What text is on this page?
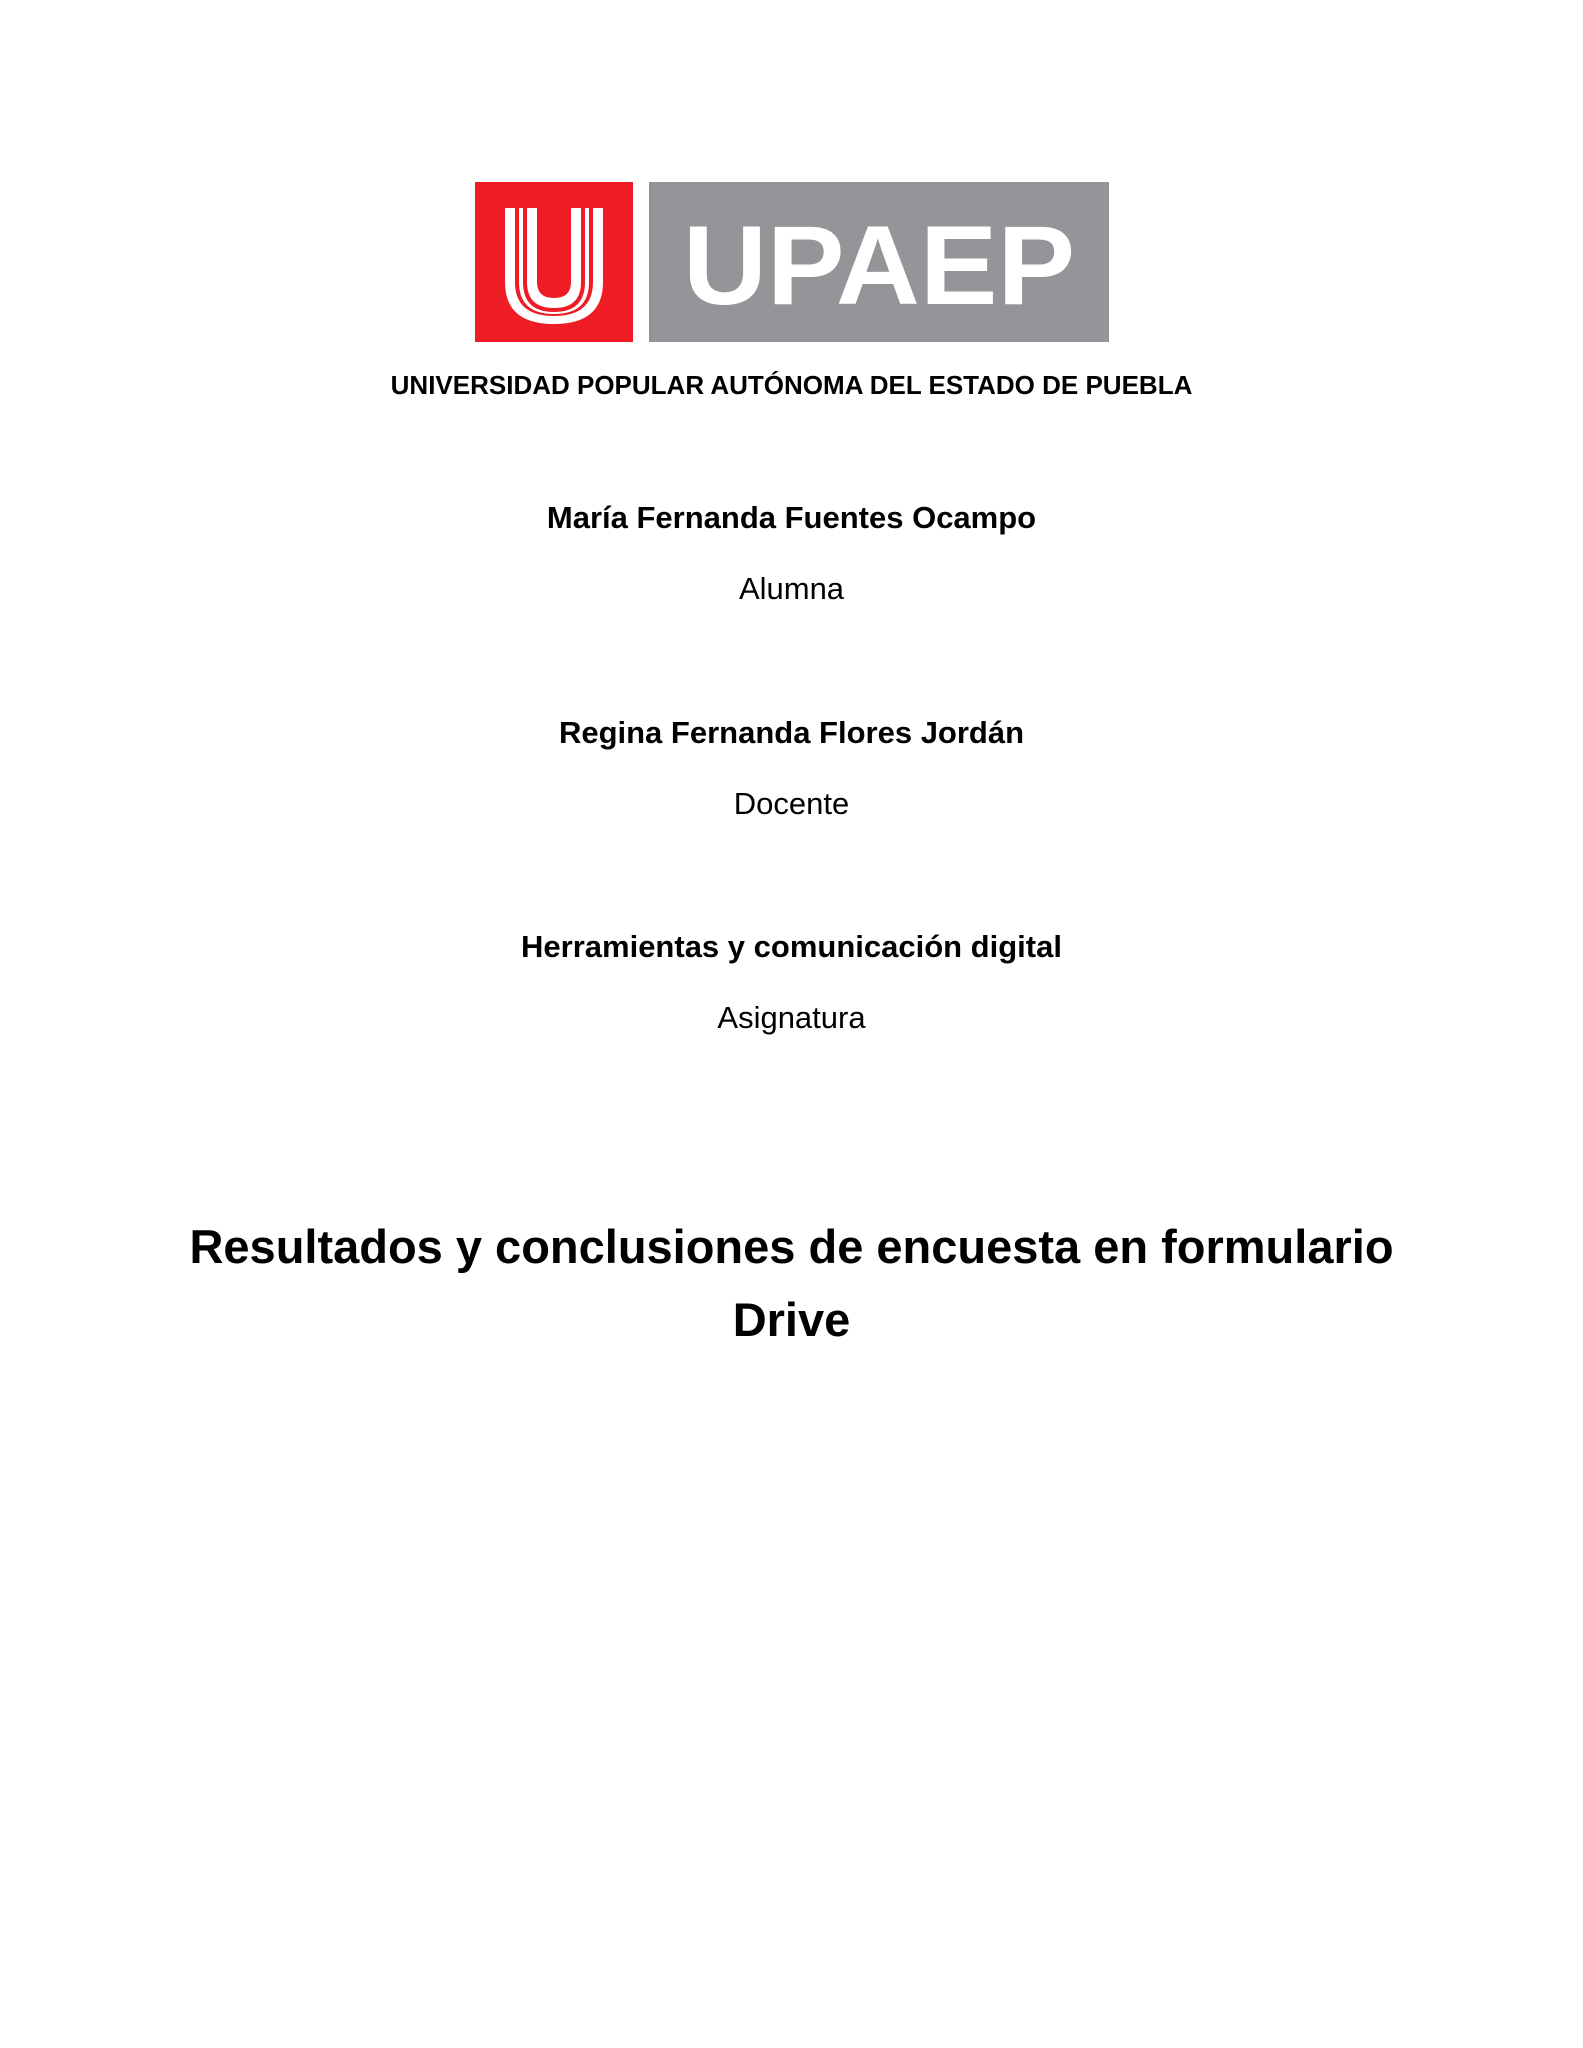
UPAEP
UNIVERSIDAD POPULAR AUTÓNOMA DEL ESTADO DE PUEBLA
María Fernanda Fuentes Ocampo
Alumna
Regina Fernanda Flores Jordán
Docente
Herramientas y comunicación digital
Asignatura
Resultados y conclusiones de encuesta en formulario
Drive
